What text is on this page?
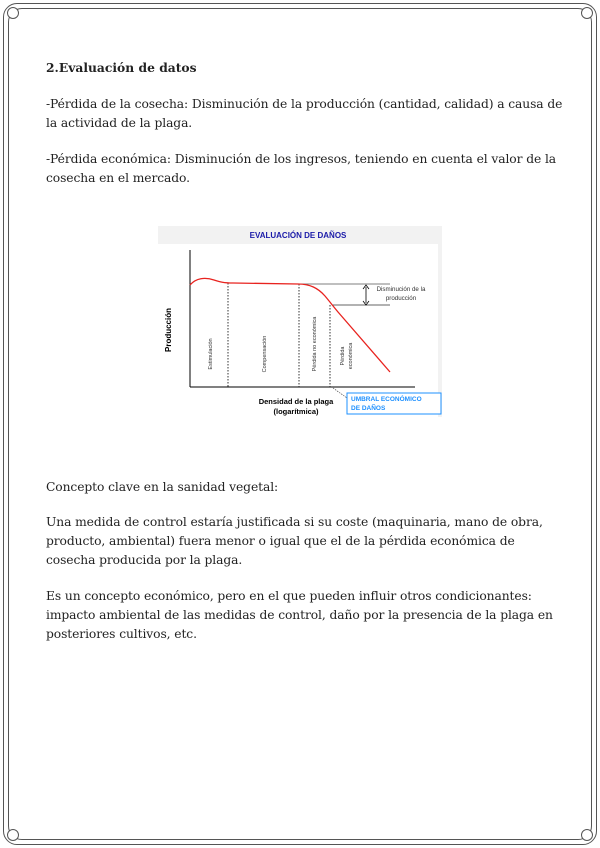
2.Evaluación de datos
-Pérdida de la cosecha: Disminución de la producción (cantidad, calidad) a causa de la actividad de la plaga.
-Pérdida económica: Disminución de los ingresos, teniendo en cuenta el valor de la cosecha en el mercado.
EVALUACIÓN DE DAÑOS
Producción
Disminución de la
producción
Estimulación	Compensación	Pérdida no económica	Pérdida económica
Densidad de la plaga
(logarítmica)
UMBRAL ECONÓMICO
DE DAÑOS
Concepto clave en la sanidad vegetal:
Una medida de control estaría justificada si su coste (maquinaria, mano de obra, producto, ambiental) fuera menor o igual que el de la pérdida económica de cosecha producida por la plaga.
Es un concepto económico, pero en el que pueden influir otros condicionantes: impacto ambiental de las medidas de control, daño por la presencia de la plaga en posteriores cultivos, etc.
